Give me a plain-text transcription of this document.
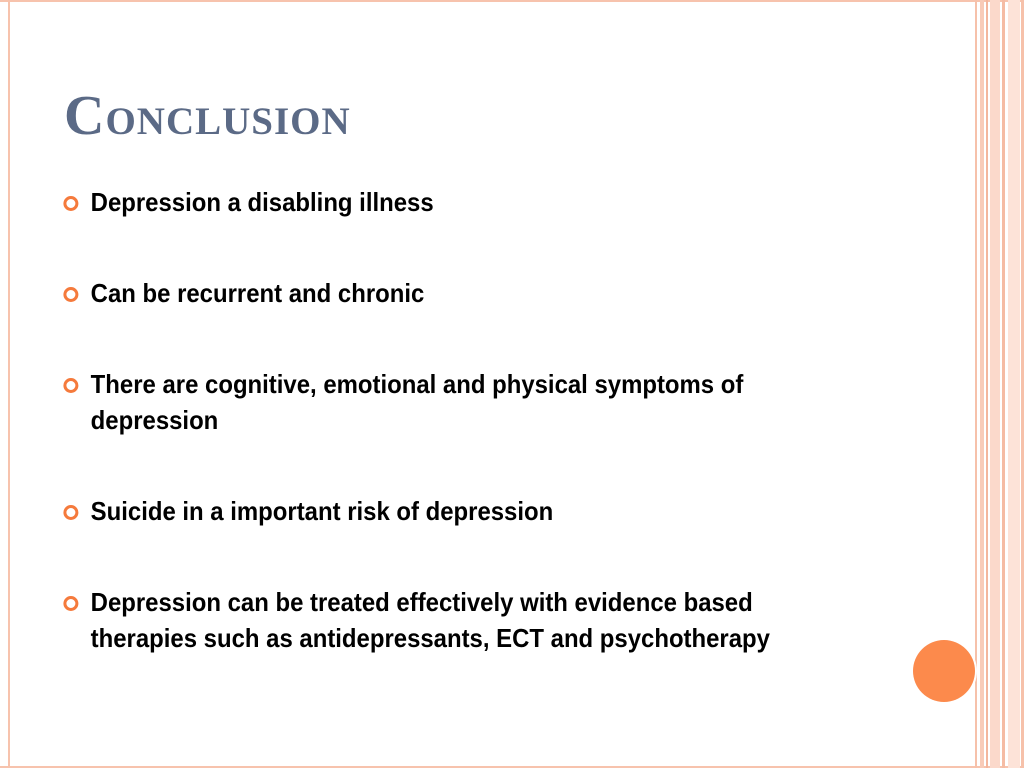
Conclusion
Depression a disabling illness
Can be recurrent and chronic
There are cognitive, emotional and physical symptoms of depression
Suicide in a important risk of depression
Depression can be treated effectively with evidence based therapies such as antidepressants, ECT and psychotherapy
